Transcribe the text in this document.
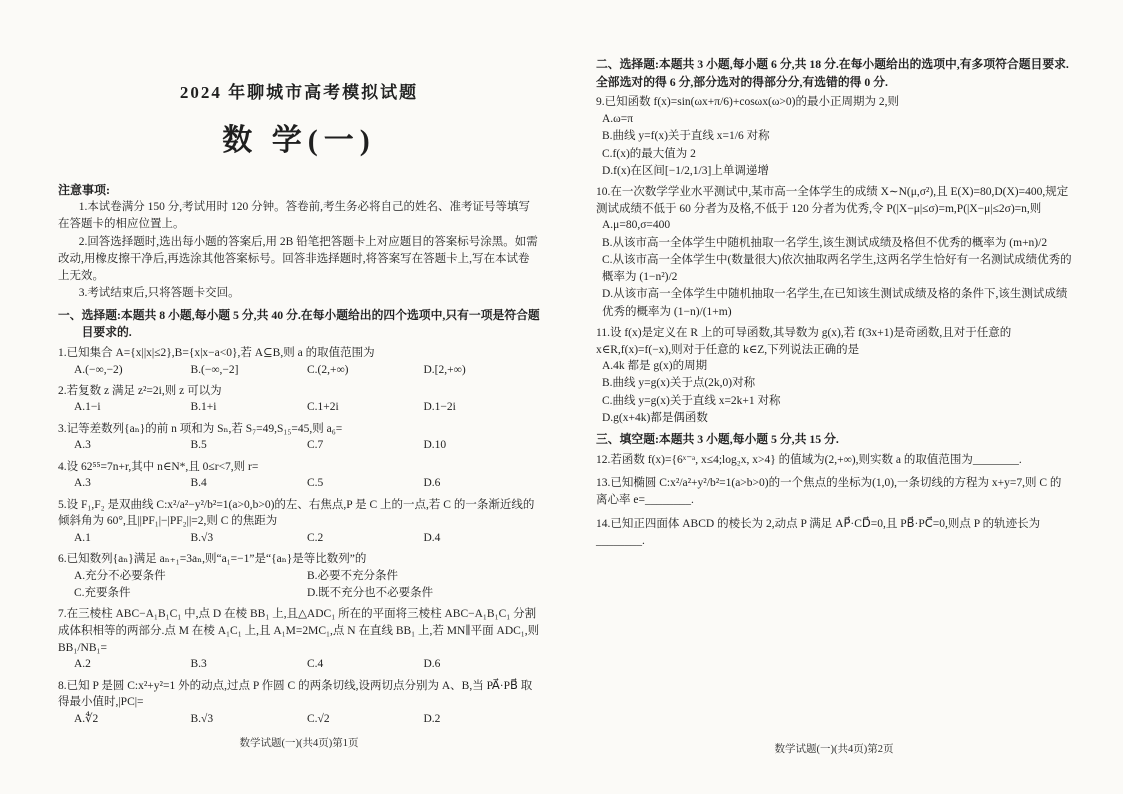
2024 年聊城市高考模拟试题
数 学(一)

注意事项:

1.本试卷满分 150 分,考试用时 120 分钟。答卷前,考生务必将自己的姓名、准考证号等填写在答题卡的相应位置上。

2.回答选择题时,选出每小题的答案后,用 2B 铅笔把答题卡上对应题目的答案标号涂黑。如需改动,用橡皮擦干净后,再选涂其他答案标号。回答非选择题时,将答案写在答题卡上,写在本试卷上无效。

3.考试结束后,只将答题卡交回。

一、选择题:本题共 8 小题,每小题 5 分,共 40 分.在每小题给出的四个选项中,只有一项是符合题目要求的.

1.已知集合 A={x||x|≤2},B={x|x−a<0},若 A⊆B,则 a 的取值范围为

A.(−∞,−2)	B.(−∞,−2]	C.(2,+∞)	D.[2,+∞)

2.若复数 z 满足 z²=2i,则 z 可以为

A.1−i	B.1+i	C.1+2i	D.1−2i

3.记等差数列{aₙ}的前 n 项和为 Sₙ,若 S₇=49,S₁₅=45,则 a₆=

A.3	B.5	C.7	D.10

4.设 62⁵⁵=7n+r,其中 n∈N*,且 0≤r<7,则 r=

A.3	B.4	C.5	D.6

5.设 F₁,F₂ 是双曲线 C:x²/a²−y²/b²=1(a>0,b>0)的左、右焦点,P 是 C 上的一点,若 C 的一条渐近线的倾斜角为 60°,且||PF₁|−|PF₂||=2,则 C 的焦距为

A.1	B.√3	C.2	D.4

6.已知数列{aₙ}满足 aₙ₊₁=3aₙ,则“a₁=−1”是“{aₙ}是等比数列”的

A.充分不必要条件	B.必要不充分条件
C.充要条件	D.既不充分也不必要条件

7.在三棱柱 ABC−A₁B₁C₁ 中,点 D 在棱 BB₁ 上,且△ADC₁ 所在的平面将三棱柱 ABC−A₁B₁C₁ 分割成体积相等的两部分.点 M 在棱 A₁C₁ 上,且 A₁M=2MC₁,点 N 在直线 BB₁ 上,若 MN∥平面 ADC₁,则 BB₁/NB₁=

A.2	B.3	C.4	D.6

8.已知 P 是圆 C:x²+y²=1 外的动点,过点 P 作圆 C 的两条切线,设两切点分别为 A、B,当 PA⃗·PB⃗ 取得最小值时,|PC|=

A.∜2	B.√3	C.√2	D.2

数学试题(一)(共4页)第1页

二、选择题:本题共 3 小题,每小题 6 分,共 18 分.在每小题给出的选项中,有多项符合题目要求.全部选对的得 6 分,部分选对的得部分分,有选错的得 0 分.

9.已知函数 f(x)=sin(ωx+π/6)+cosωx(ω>0)的最小正周期为 2,则

A.ω=π

B.曲线 y=f(x)关于直线 x=1/6 对称

C.f(x)的最大值为 2

D.f(x)在区间[−1/2,1/3]上单调递增

10.在一次数学学业水平测试中,某市高一全体学生的成绩 X∼N(μ,σ²),且 E(X)=80,D(X)=400,规定测试成绩不低于 60 分者为及格,不低于 120 分者为优秀,令 P(|X−μ|≤σ)=m,P(|X−μ|≤2σ)=n,则

A.μ=80,σ=400

B.从该市高一全体学生中随机抽取一名学生,该生测试成绩及格但不优秀的概率为 (m+n)/2

C.从该市高一全体学生中(数量很大)依次抽取两名学生,这两名学生恰好有一名测试成绩优秀的概率为 (1−n²)/2

D.从该市高一全体学生中随机抽取一名学生,在已知该生测试成绩及格的条件下,该生测试成绩优秀的概率为 (1−n)/(1+m)

11.设 f(x)是定义在 R 上的可导函数,其导数为 g(x),若 f(3x+1)是奇函数,且对于任意的 x∈R,f(x)=f(−x),则对于任意的 k∈Z,下列说法正确的是

A.4k 都是 g(x)的周期

B.曲线 y=g(x)关于点(2k,0)对称

C.曲线 y=g(x)关于直线 x=2k+1 对称

D.g(x+4k)都是偶函数

三、填空题:本题共 3 小题,每小题 5 分,共 15 分.

12.若函数 f(x)={6ˣ⁻ᵃ, x≤4;log₂x, x>4} 的值域为(2,+∞),则实数 a 的取值范围为________.

13.已知椭圆 C:x²/a²+y²/b²=1(a>b>0)的一个焦点的坐标为(1,0),一条切线的方程为 x+y=7,则 C 的离心率 e=________.

14.已知正四面体 ABCD 的棱长为 2,动点 P 满足 AP⃗·CD⃗=0,且 PB⃗·PC⃗=0,则点 P 的轨迹长为________.

数学试题(一)(共4页)第2页
